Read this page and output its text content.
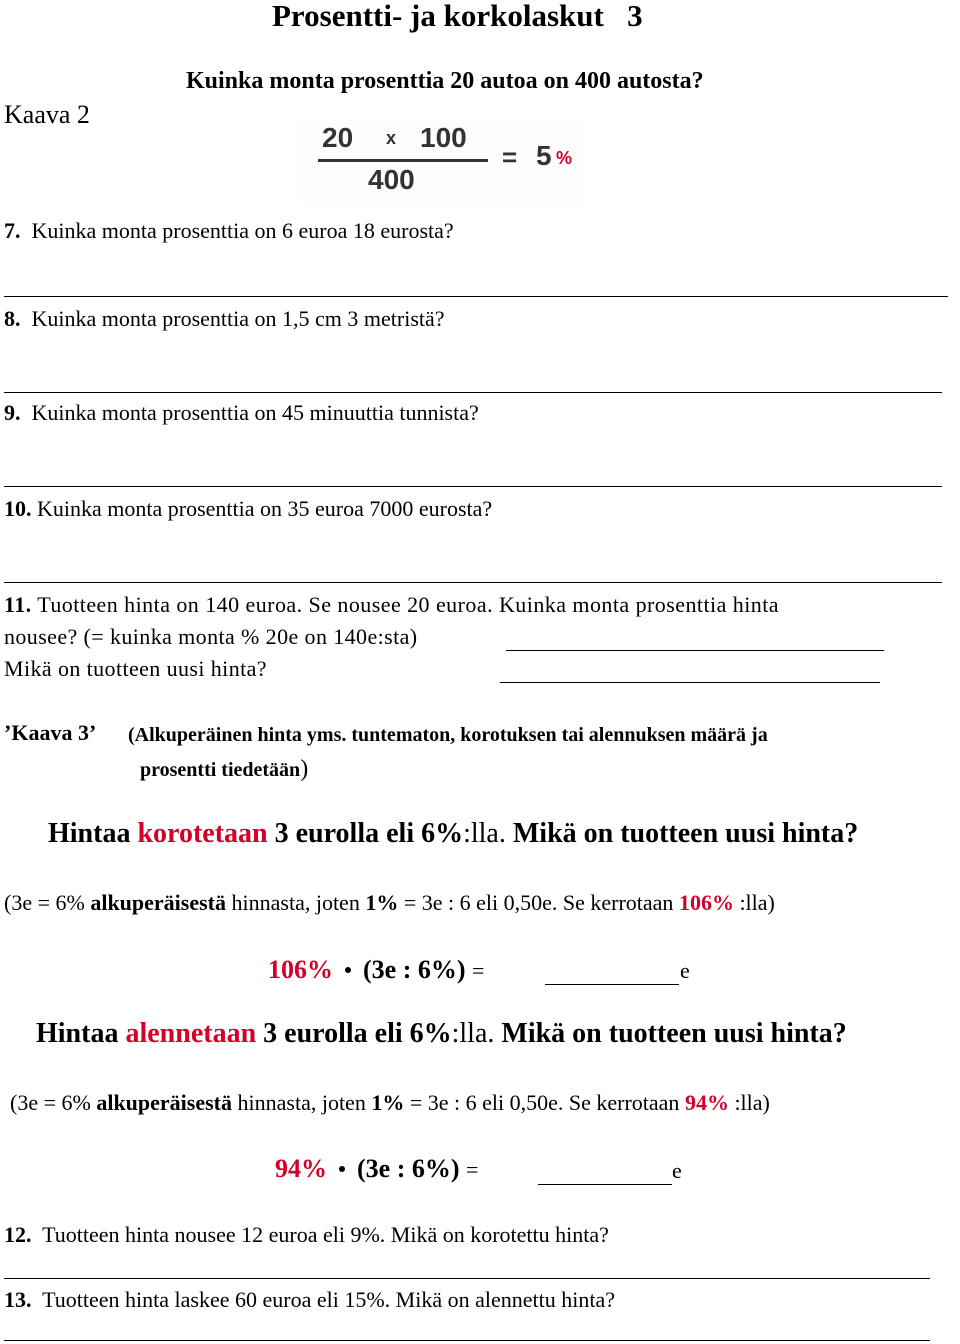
Prosentti- ja korkolaskut 3
Kaava 2
Kuinka monta prosenttia 20 autoa on 400 autosta?
20 x 100
400
= 5 %
7. Kuinka monta prosenttia on 6 euroa 18 eurosta?
8. Kuinka monta prosenttia on 1,5 cm 3 metristä?
9. Kuinka monta prosenttia on 45 minuuttia tunnista?
10. Kuinka monta prosenttia on 35 euroa 7000 eurosta?
11. Tuotteen hinta on 140 euroa. Se nousee 20 euroa. Kuinka monta prosenttia hinta
nousee? (= kuinka monta % 20e on 140e:sta)
Mikä on tuotteen uusi hinta?
’Kaava 3’ (Alkuperäinen hinta yms. tuntematon, korotuksen tai alennuksen määrä ja
prosentti tiedetään)
Hintaa korotetaan 3 eurolla eli 6%:lla. Mikä on tuotteen uusi hinta?
(3e = 6% alkuperäisestä hinnasta, joten 1% = 3e : 6 eli 0,50e. Se kerrotaan 106% :lla)
106% (3e : 6%) =	e
Hintaa alennetaan 3 eurolla eli 6%:lla. Mikä on tuotteen uusi hinta?
(3e = 6% alkuperäisestä hinnasta, joten 1% = 3e : 6 eli 0,50e. Se kerrotaan 94% :lla)
94% (3e : 6%) =	e
12. Tuotteen hinta nousee 12 euroa eli 9%. Mikä on korotettu hinta?
13. Tuotteen hinta laskee 60 euroa eli 15%. Mikä on alennettu hinta?
